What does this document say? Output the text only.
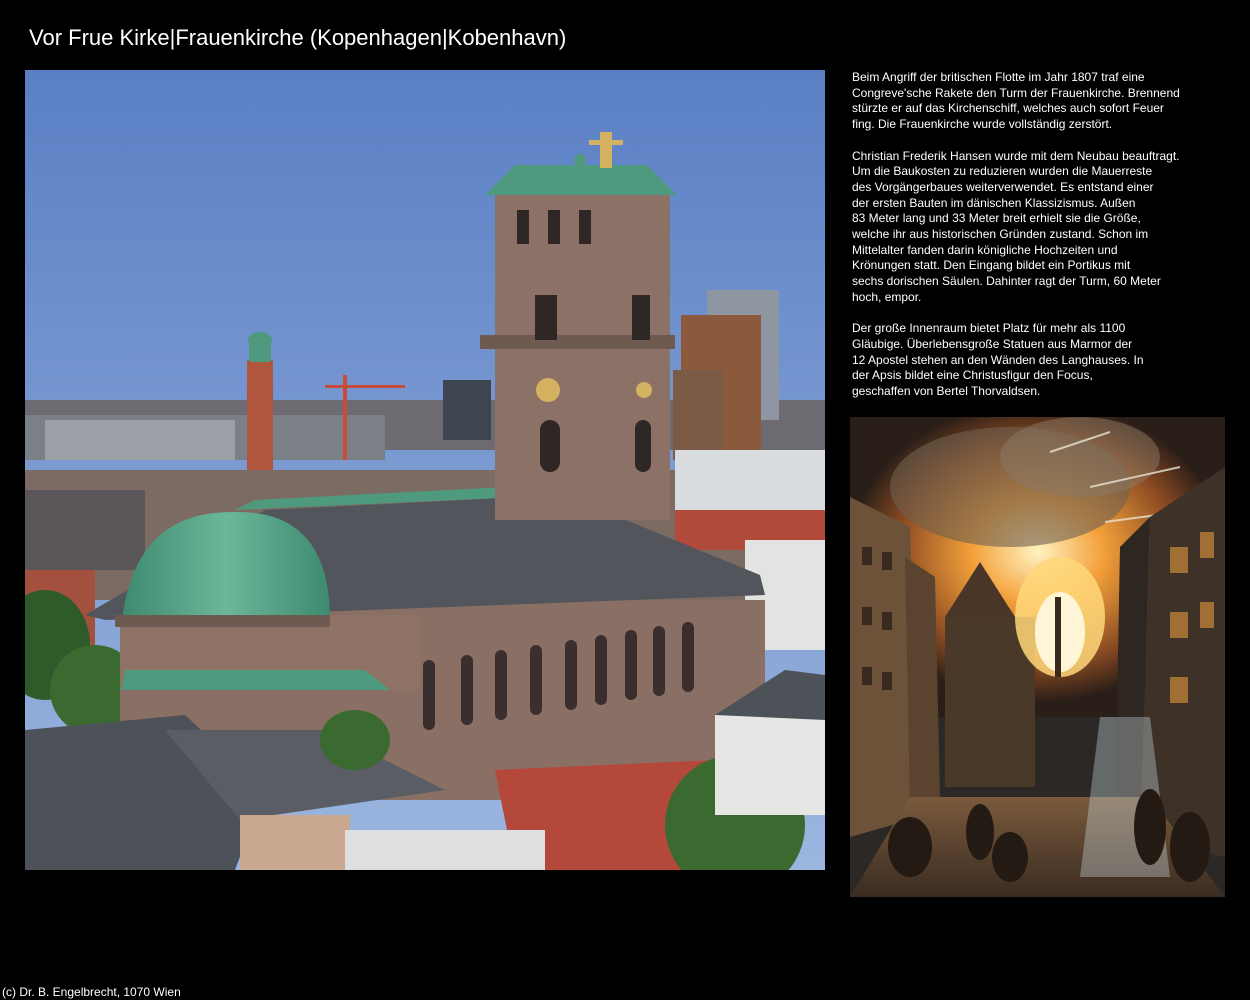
Vor Frue Kirke|Frauenkirche (Kopenhagen|Kobenhavn)

Beim Angriff der britischen Flotte im Jahr 1807 traf eine
Congreve'sche Rakete den Turm der Frauenkirche. Brennend
stürzte er auf das Kirchenschiff, welches auch sofort Feuer
fing. Die Frauenkirche wurde vollständig zerstört.

Christian Frederik Hansen wurde mit dem Neubau beauftragt.
Um die Baukosten zu reduzieren wurden die Mauerreste
des Vorgängerbaues weiterverwendet. Es entstand einer
der ersten Bauten im dänischen Klassizismus. Außen
83 Meter lang und 33 Meter breit erhielt sie die Größe,
welche ihr aus historischen Gründen zustand. Schon im
Mittelalter fanden darin königliche Hochzeiten und
Krönungen statt. Den Eingang bildet ein Portikus mit
sechs dorischen Säulen. Dahinter ragt der Turm, 60 Meter
hoch, empor.

Der große Innenraum bietet Platz für mehr als 1100
Gläubige. Überlebensgroße Statuen aus Marmor der
12 Apostel stehen an den Wänden des Langhauses. In
der Apsis bildet eine Christusfigur den Focus,
geschaffen von Bertel Thorvaldsen.

(c) Dr. B. Engelbrecht, 1070 Wien
